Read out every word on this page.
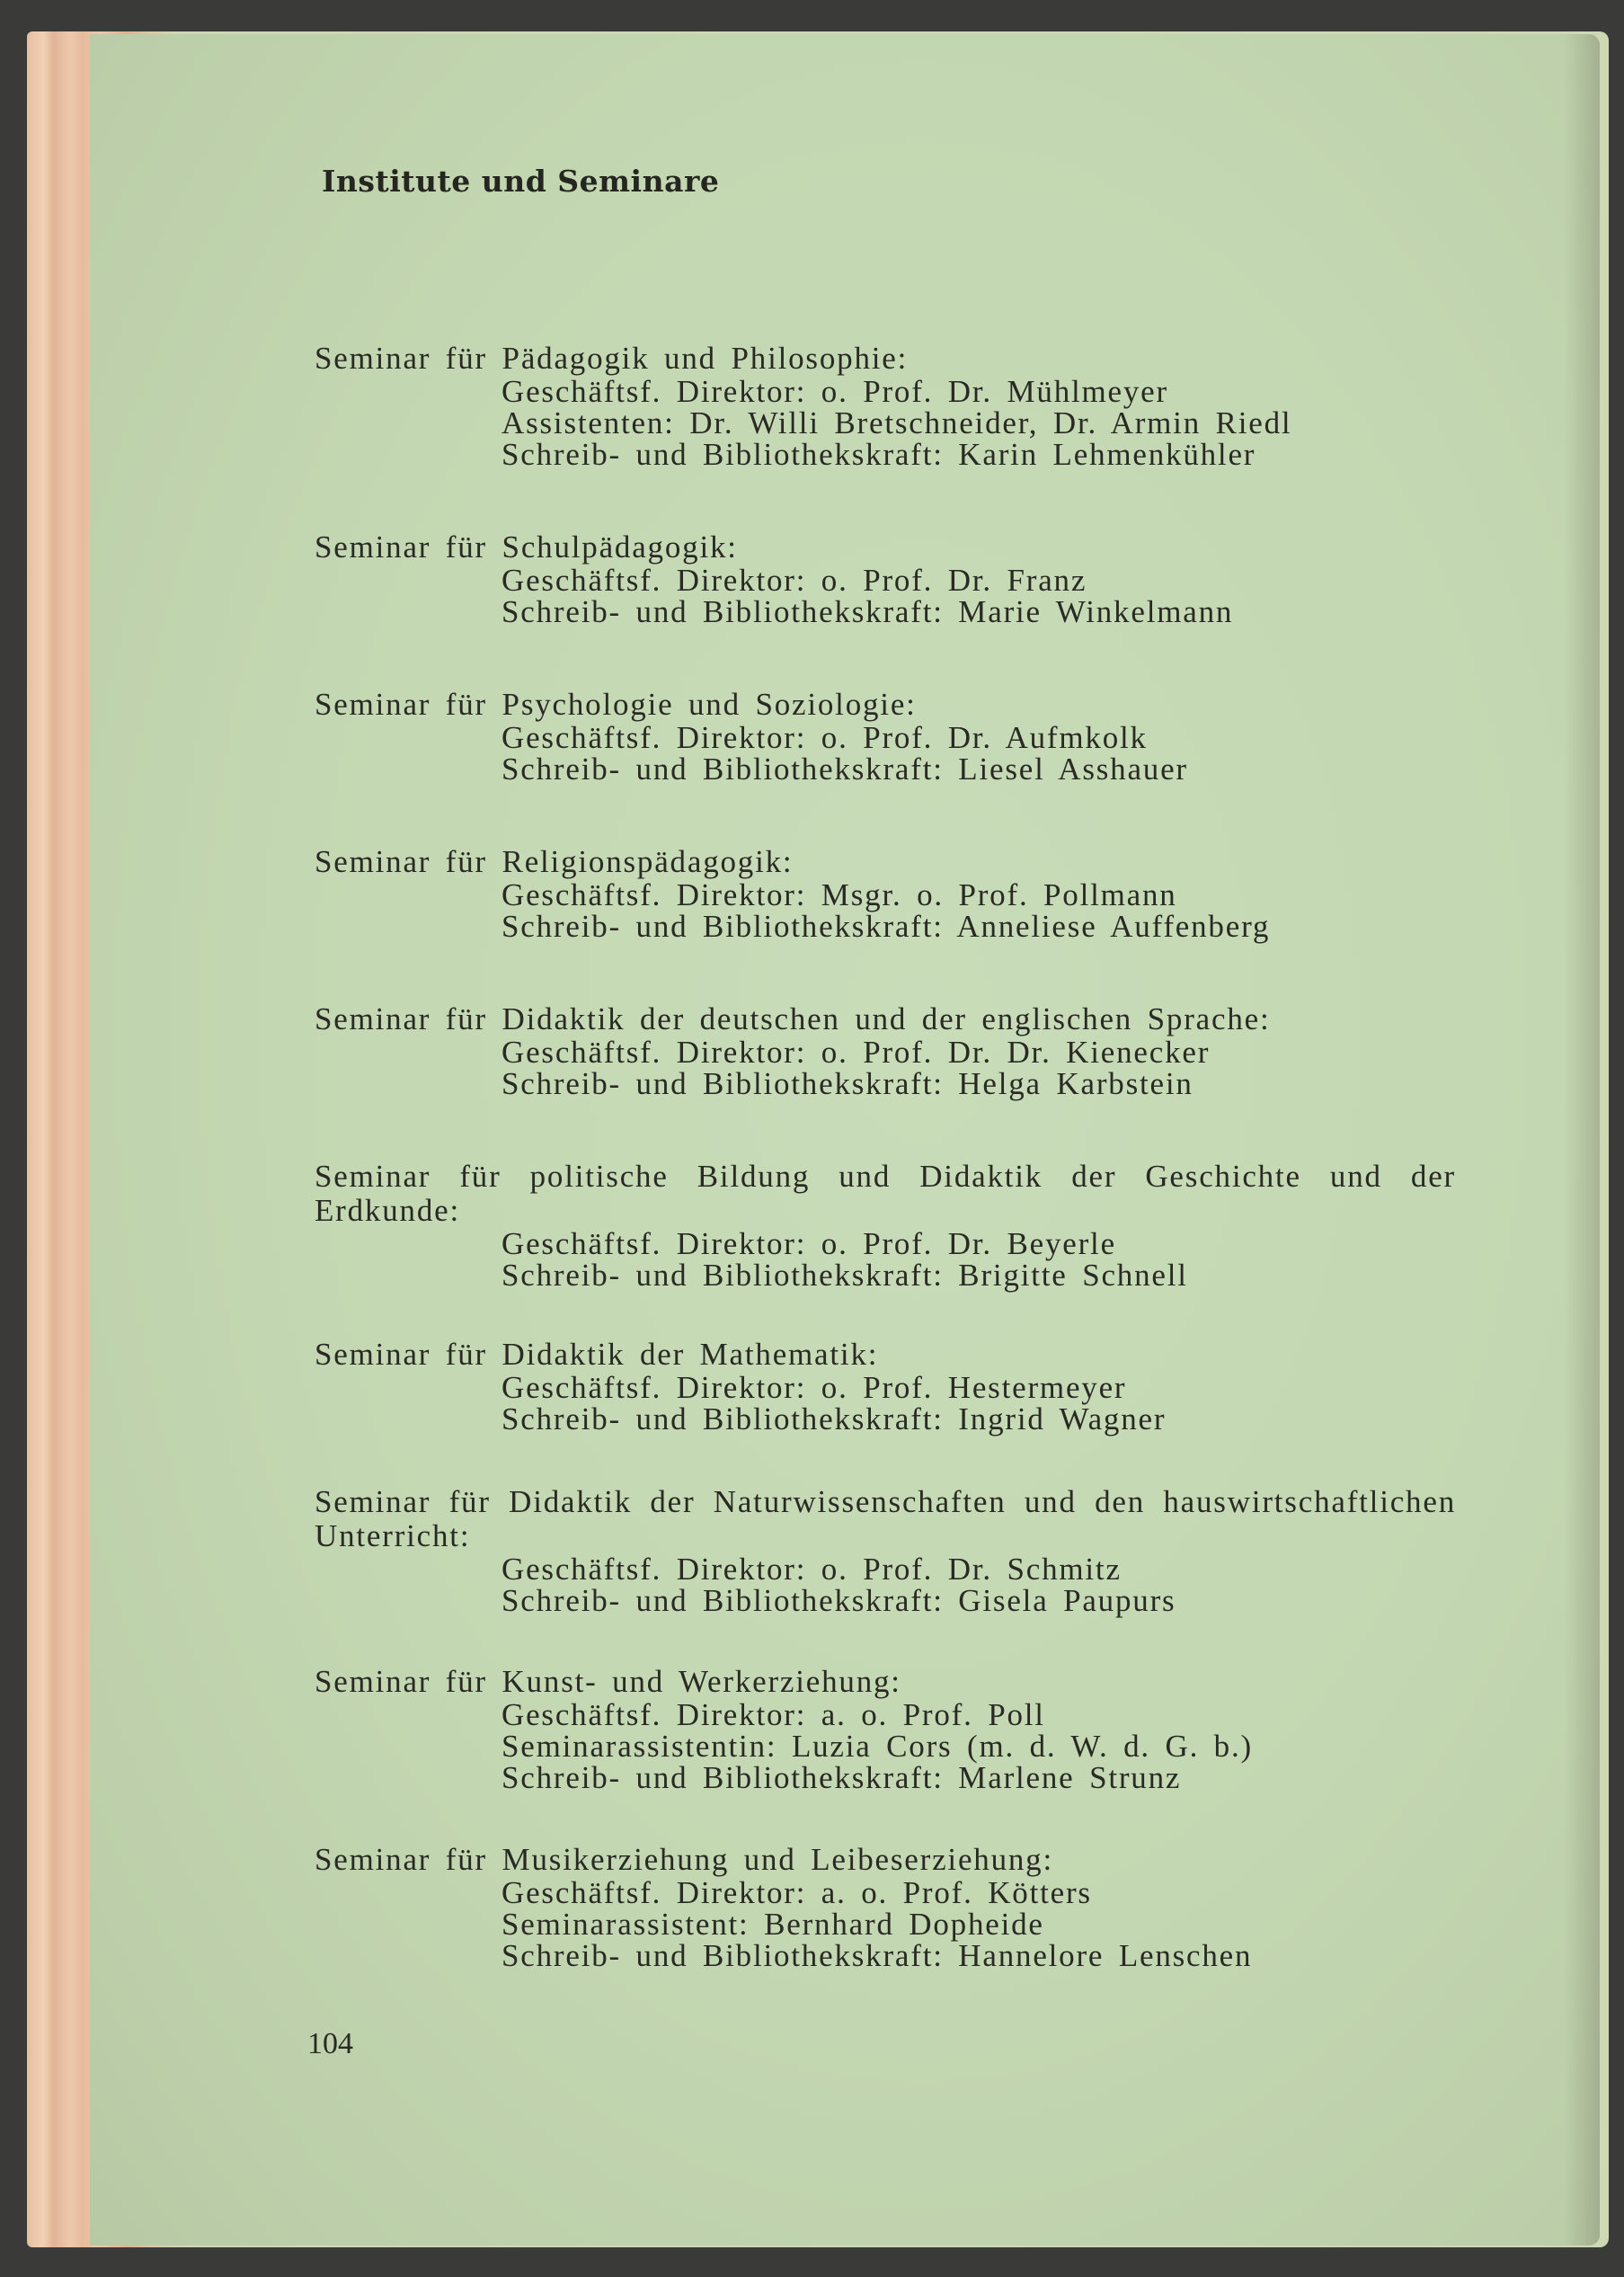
Institute und Seminare
Seminar für Pädagogik und Philosophie:
Geschäftsf. Direktor: o. Prof. Dr. Mühlmeyer
Assistenten: Dr. Willi Bretschneider, Dr. Armin Riedl
Schreib- und Bibliothekskraft: Karin Lehmenkühler
Seminar für Schulpädagogik:
Geschäftsf. Direktor: o. Prof. Dr. Franz
Schreib- und Bibliothekskraft: Marie Winkelmann
Seminar für Psychologie und Soziologie:
Geschäftsf. Direktor: o. Prof. Dr. Aufmkolk
Schreib- und Bibliothekskraft: Liesel Asshauer
Seminar für Religionspädagogik:
Geschäftsf. Direktor: Msgr. o. Prof. Pollmann
Schreib- und Bibliothekskraft: Anneliese Auffenberg
Seminar für Didaktik der deutschen und der englischen Sprache:
Geschäftsf. Direktor: o. Prof. Dr. Dr. Kienecker
Schreib- und Bibliothekskraft: Helga Karbstein
Seminar für politische Bildung und Didaktik der Geschichte und der Erdkunde:
Geschäftsf. Direktor: o. Prof. Dr. Beyerle
Schreib- und Bibliothekskraft: Brigitte Schnell
Seminar für Didaktik der Mathematik:
Geschäftsf. Direktor: o. Prof. Hestermeyer
Schreib- und Bibliothekskraft: Ingrid Wagner
Seminar für Didaktik der Naturwissenschaften und den hauswirtschaftlichen Unterricht:
Geschäftsf. Direktor: o. Prof. Dr. Schmitz
Schreib- und Bibliothekskraft: Gisela Paupurs
Seminar für Kunst- und Werkerziehung:
Geschäftsf. Direktor: a. o. Prof. Poll
Seminarassistentin: Luzia Cors (m. d. W. d. G. b.)
Schreib- und Bibliothekskraft: Marlene Strunz
Seminar für Musikerziehung und Leibeserziehung:
Geschäftsf. Direktor: a. o. Prof. Kötters
Seminarassistent: Bernhard Dopheide
Schreib- und Bibliothekskraft: Hannelore Lenschen
104
